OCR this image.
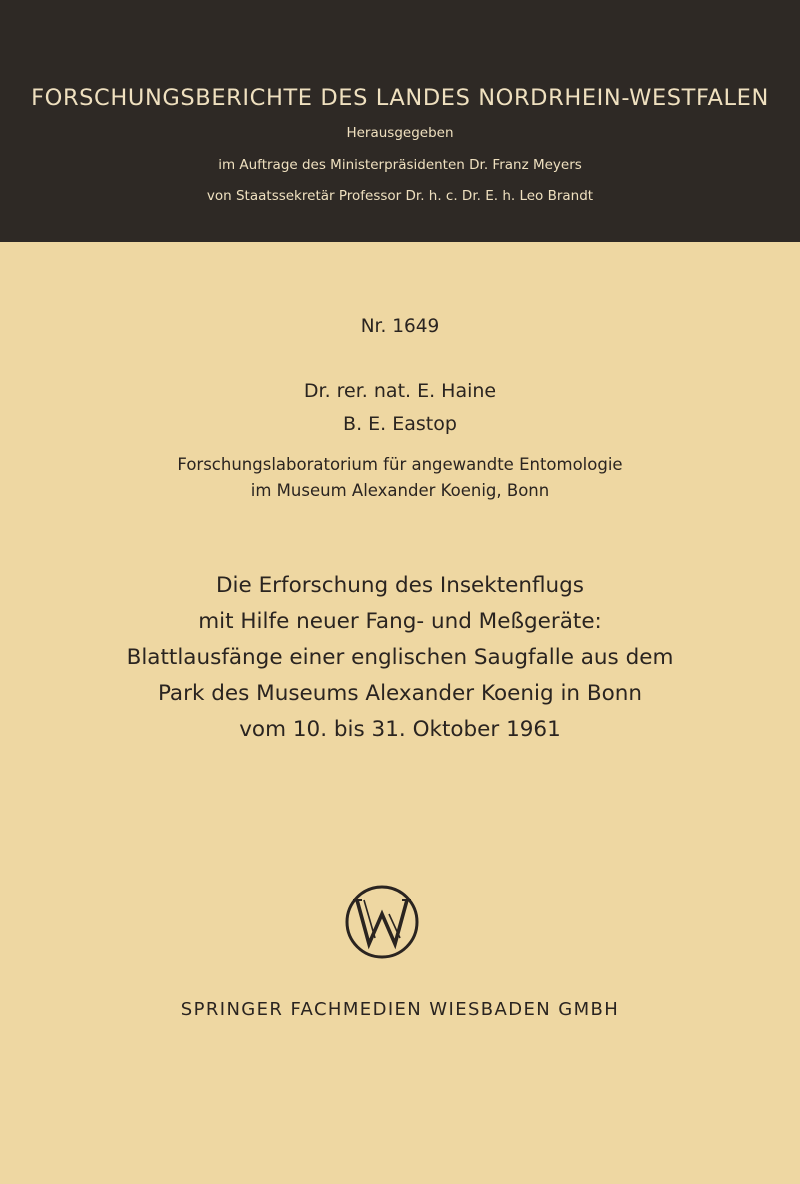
FORSCHUNGSBERICHTE DES LANDES NORDRHEIN-WESTFALEN
Herausgegeben
im Auftrage des Ministerpräsidenten Dr. Franz Meyers
von Staatssekretär Professor Dr. h. c. Dr. E. h. Leo Brandt
Nr. 1649
Dr. rer. nat. E. Haine
B. E. Eastop
Forschungslaboratorium für angewandte Entomologie
im Museum Alexander Koenig, Bonn
Die Erforschung des Insektenflugs
mit Hilfe neuer Fang- und Meßgeräte:
Blattlausfänge einer englischen Saugfalle aus dem
Park des Museums Alexander Koenig in Bonn
vom 10. bis 31. Oktober 1961
SPRINGER FACHMEDIEN WIESBADEN GMBH
